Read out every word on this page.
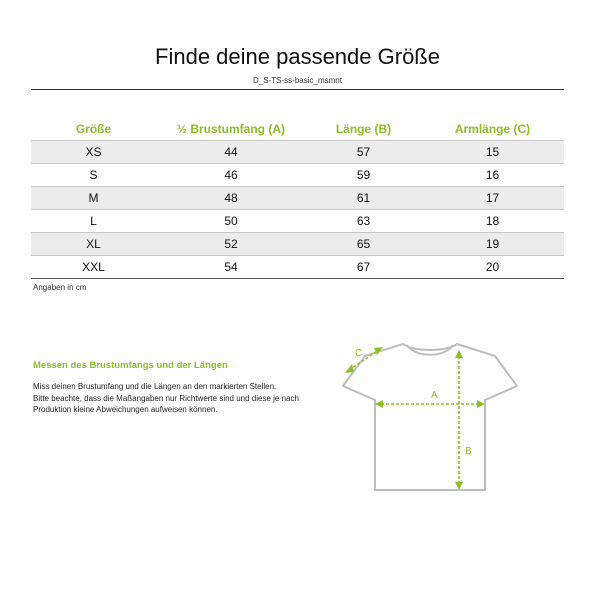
Finde deine passende Größe
D_S-TS-ss-basic_msmnt
Größe	½ Brustumfang (A)	Länge (B)	Armlänge (C)
XS	44	57	15
S	46	59	16
M	48	61	17
L	50	63	18
XL	52	65	19
XXL	54	67	20
Angaben in cm
Messen des Brustumfangs und der Längen

Miss deinen Brustumfang und die Längen an den markierten Stellen.

Bitte beachte, dass die Maßangaben nur Richtwerte sind und diese je nach Produktion kleine Abweichungen aufweisen können.

C
A
B
